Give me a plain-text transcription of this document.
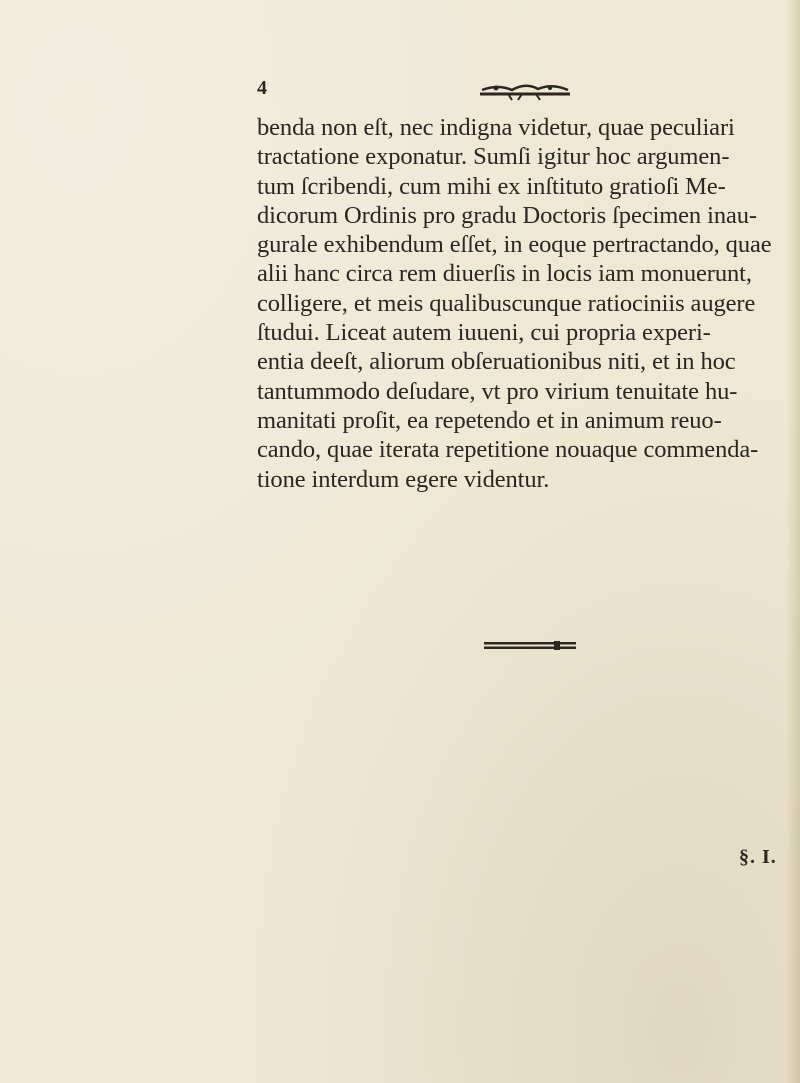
4
benda non eſt, nec indigna videtur, quae peculiari
tractatione exponatur. Sumſi igitur hoc argumen-
tum ſcribendi, cum mihi ex inſtituto gratioſi Me-
dicorum Ordinis pro gradu Doctoris ſpecimen inau-
gurale exhibendum eſſet, in eoque pertractando, quae
alii hanc circa rem diuerſis in locis iam monuerunt,
colligere, et meis qualibuscunque ratiociniis augere
ſtudui. Liceat autem iuueni, cui propria experi-
entia deeſt, aliorum obſeruationibus niti, et in hoc
tantummodo deſudare, vt pro virium tenuitate hu-
manitati proſit, ea repetendo et in animum reuo-
cando, quae iterata repetitione nouaque commenda-
tione interdum egere videntur.
§. I.
